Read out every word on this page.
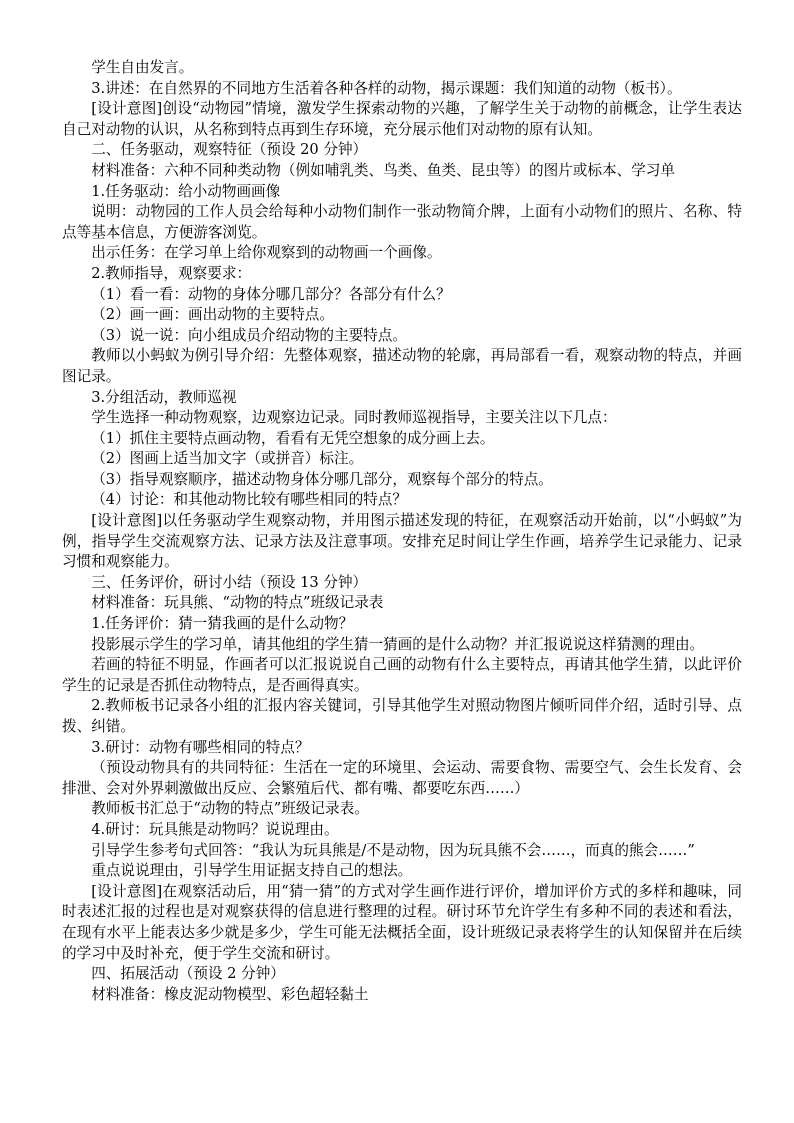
学生自由发言。

3.讲述：在自然界的不同地方生活着各种各样的动物，揭示课题：我们知道的动物（板书）。

[设计意图]创设“动物园”情境，激发学生探索动物的兴趣，了解学生关于动物的前概念，让学生表达自己对动物的认识，从名称到特点再到生存环境，充分展示他们对动物的原有认知。

二、任务驱动，观察特征（预设 20 分钟）

材料准备：六种不同种类动物（例如哺乳类、鸟类、鱼类、昆虫等）的图片或标本、学习单

1.任务驱动：给小动物画画像

说明：动物园的工作人员会给每种小动物们制作一张动物简介牌，上面有小动物们的照片、名称、特点等基本信息，方便游客浏览。

出示任务：在学习单上给你观察到的动物画一个画像。

2.教师指导，观察要求：

（1）看一看：动物的身体分哪几部分？各部分有什么？

（2）画一画：画出动物的主要特点。

（3）说一说：向小组成员介绍动物的主要特点。

教师以小蚂蚁为例引导介绍：先整体观察，描述动物的轮廓，再局部看一看，观察动物的特点，并画图记录。

3.分组活动，教师巡视

学生选择一种动物观察，边观察边记录。同时教师巡视指导，主要关注以下几点：

（1）抓住主要特点画动物，看看有无凭空想象的成分画上去。

（2）图画上适当加文字（或拼音）标注。

（3）指导观察顺序，描述动物身体分哪几部分，观察每个部分的特点。

（4）讨论：和其他动物比较有哪些相同的特点？

[设计意图]以任务驱动学生观察动物，并用图示描述发现的特征，在观察活动开始前，以“小蚂蚁”为例，指导学生交流观察方法、记录方法及注意事项。安排充足时间让学生作画，培养学生记录能力、记录习惯和观察能力。

三、任务评价，研讨小结（预设 13 分钟）

材料准备：玩具熊、“动物的特点”班级记录表

1.任务评价：猜一猜我画的是什么动物？

投影展示学生的学习单，请其他组的学生猜一猜画的是什么动物？并汇报说说这样猜测的理由。

若画的特征不明显，作画者可以汇报说说自己画的动物有什么主要特点，再请其他学生猜，以此评价学生的记录是否抓住动物特点，是否画得真实。

2.教师板书记录各小组的汇报内容关键词，引导其他学生对照动物图片倾听同伴介绍，适时引导、点拨、纠错。

3.研讨：动物有哪些相同的特点？

（预设动物具有的共同特征：生活在一定的环境里、会运动、需要食物、需要空气、会生长发育、会排泄、会对外界刺激做出反应、会繁殖后代、都有嘴、都要吃东西……）

教师板书汇总于“动物的特点”班级记录表。

4.研讨：玩具熊是动物吗？说说理由。

引导学生参考句式回答：“我认为玩具熊是/不是动物，因为玩具熊不会……，而真的熊会……”

重点说说理由，引导学生用证据支持自己的想法。

[设计意图]在观察活动后，用“猜一猜”的方式对学生画作进行评价，增加评价方式的多样和趣味，同时表述汇报的过程也是对观察获得的信息进行整理的过程。研讨环节允许学生有多种不同的表述和看法，在现有水平上能表达多少就是多少，学生可能无法概括全面，设计班级记录表将学生的认知保留并在后续的学习中及时补充，便于学生交流和研讨。

四、拓展活动（预设 2 分钟）

材料准备：橡皮泥动物模型、彩色超轻黏土
